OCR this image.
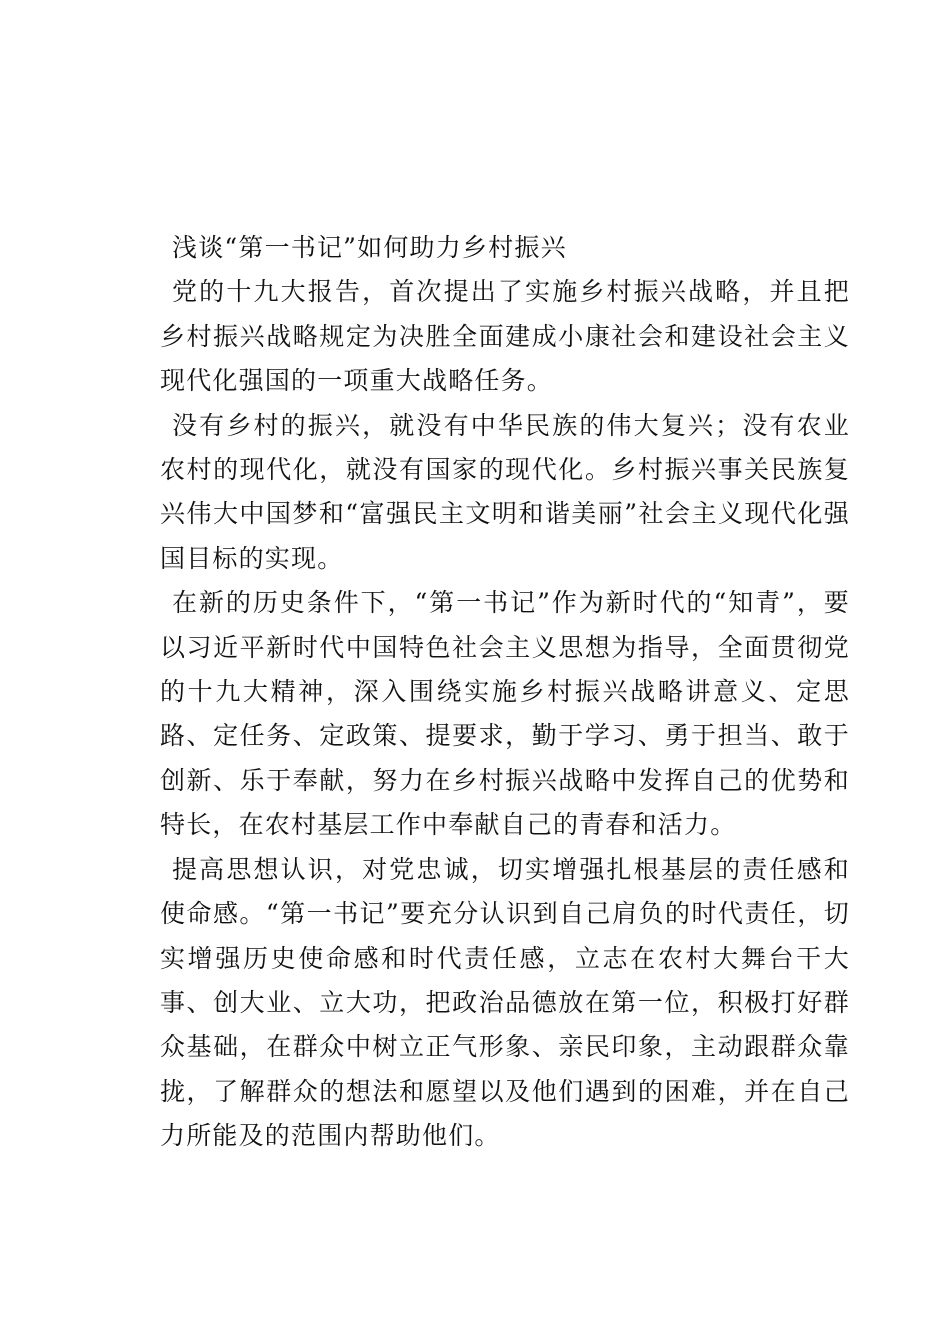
浅谈“第一书记”如何助力乡村振兴

党的十九大报告，首次提出了实施乡村振兴战略，并且把乡村振兴战略规定为决胜全面建成小康社会和建设社会主义现代化强国的一项重大战略任务。

没有乡村的振兴，就没有中华民族的伟大复兴；没有农业农村的现代化，就没有国家的现代化。乡村振兴事关民族复兴伟大中国梦和“富强民主文明和谐美丽”社会主义现代化强国目标的实现。

在新的历史条件下，“第一书记”作为新时代的“知青”，要以习近平新时代中国特色社会主义思想为指导，全面贯彻党的十九大精神，深入围绕实施乡村振兴战略讲意义、定思路、定任务、定政策、提要求，勤于学习、勇于担当、敢于创新、乐于奉献，努力在乡村振兴战略中发挥自己的优势和特长，在农村基层工作中奉献自己的青春和活力。

提高思想认识，对党忠诚，切实增强扎根基层的责任感和使命感。“第一书记”要充分认识到自己肩负的时代责任，切实增强历史使命感和时代责任感，立志在农村大舞台干大事、创大业、立大功，把政治品德放在第一位，积极打好群众基础，在群众中树立正气形象、亲民印象，主动跟群众靠拢，了解群众的想法和愿望以及他们遇到的困难，并在自己力所能及的范围内帮助他们。
